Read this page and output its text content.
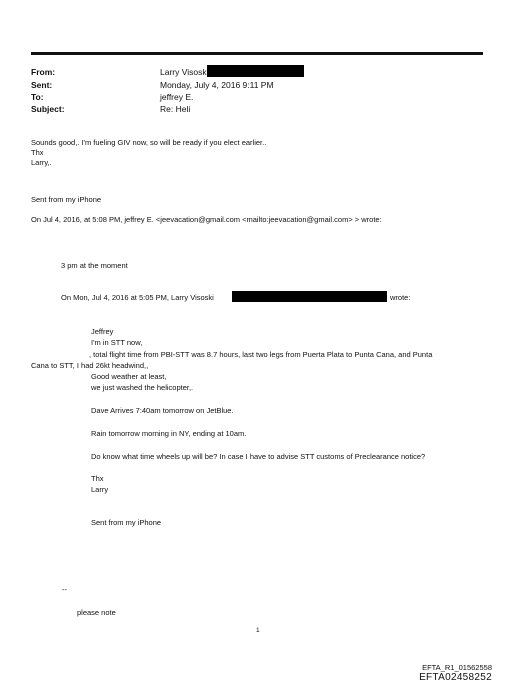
From:	Larry Visosk
Sent:	Monday, July 4, 2016 9:11 PM
To:	jeffrey E.
Subject:	Re: Heli
Sounds good,. I'm fueling GIV now, so will be ready if you elect earlier..
Thx
Larry,.
Sent from my iPhone
On Jul 4, 2016, at 5:08 PM, jeffrey E. <jeevacation@gmail.com <mailto:jeevacation@gmail.com> > wrote:
3 pm at the moment
On Mon, Jul 4, 2016 at 5:05 PM, Larry Visoski	wrote:
Jeffrey
I'm in STT now,
, total flight time from PBI-STT was 8.7 hours, last two legs from Puerta Plata to Punta Cana, and Punta
Cana to STT, I had 26kt headwind,,
Good weather at least,
we just washed the helicopter,.
Dave Arrives 7:40am tomorrow on JetBlue.
Rain tomorrow morning in NY, ending at 10am.
Do know what time wheels up will be? In case I have to advise STT customs of Preclearance notice?
Thx
Larry
Sent from my iPhone
--
please note
1
EFTA_R1_01562558
EFTA02458252
